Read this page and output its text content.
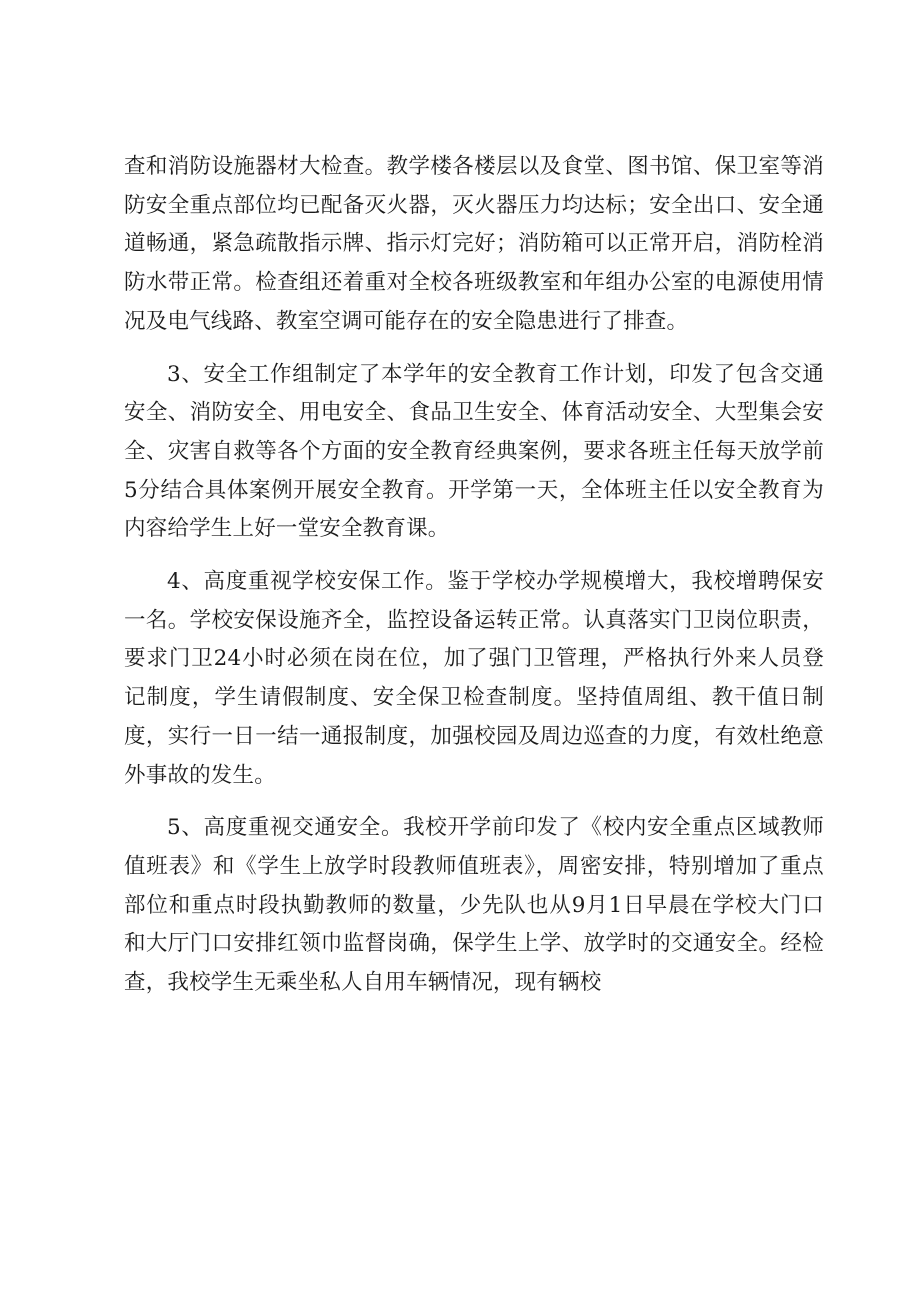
查和消防设施器材大检查。教学楼各楼层以及食堂、图书馆、保卫室等消防安全重点部位均已配备灭火器，灭火器压力均达标；安全出口、安全通道畅通，紧急疏散指示牌、指示灯完好；消防箱可以正常开启，消防栓消防水带正常。检查组还着重对全校各班级教室和年组办公室的电源使用情况及电气线路、教室空调可能存在的安全隐患进行了排查。

3、安全工作组制定了本学年的安全教育工作计划，印发了包含交通安全、消防安全、用电安全、食品卫生安全、体育活动安全、大型集会安全、灾害自救等各个方面的安全教育经典案例，要求各班主任每天放学前5分结合具体案例开展安全教育。开学第一天，全体班主任以安全教育为内容给学生上好一堂安全教育课。

4、高度重视学校安保工作。鉴于学校办学规模增大，我校增聘保安一名。学校安保设施齐全，监控设备运转正常。认真落实门卫岗位职责，要求门卫24小时必须在岗在位，加了强门卫管理，严格执行外来人员登记制度，学生请假制度、安全保卫检查制度。坚持值周组、教干值日制度，实行一日一结一通报制度，加强校园及周边巡查的力度，有效杜绝意外事故的发生。

5、高度重视交通安全。我校开学前印发了《校内安全重点区域教师值班表》和《学生上放学时段教师值班表》，周密安排，特别增加了重点部位和重点时段执勤教师的数量，少先队也从9月1日早晨在学校大门口和大厅门口安排红领巾监督岗确，保学生上学、放学时的交通安全。经检查，我校学生无乘坐私人自用车辆情况，现有辆校
